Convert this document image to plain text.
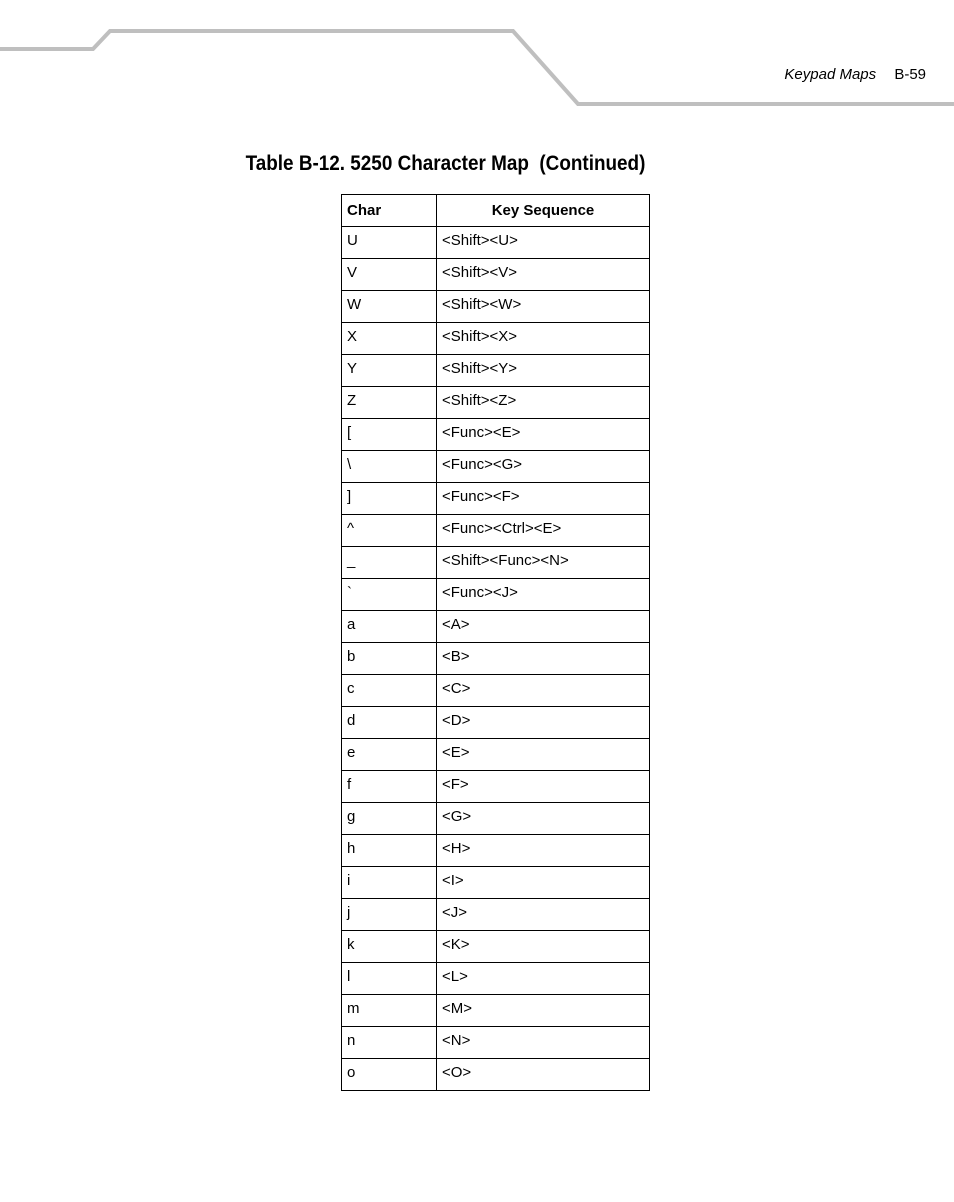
Keypad Maps B-59
Table B-12. 5250 Character Map  (Continued)
Char	Key Sequence
U	<Shift><U>
V	<Shift><V>
W	<Shift><W>
X	<Shift><X>
Y	<Shift><Y>
Z	<Shift><Z>
[	<Func><E>
\	<Func><G>
]	<Func><F>
^	<Func><Ctrl><E>
_	<Shift><Func><N>
`	<Func><J>
a	<A>
b	<B>
c	<C>
d	<D>
e	<E>
f	<F>
g	<G>
h	<H>
i	<I>
j	<J>
k	<K>
l	<L>
m	<M>
n	<N>
o	<O>
